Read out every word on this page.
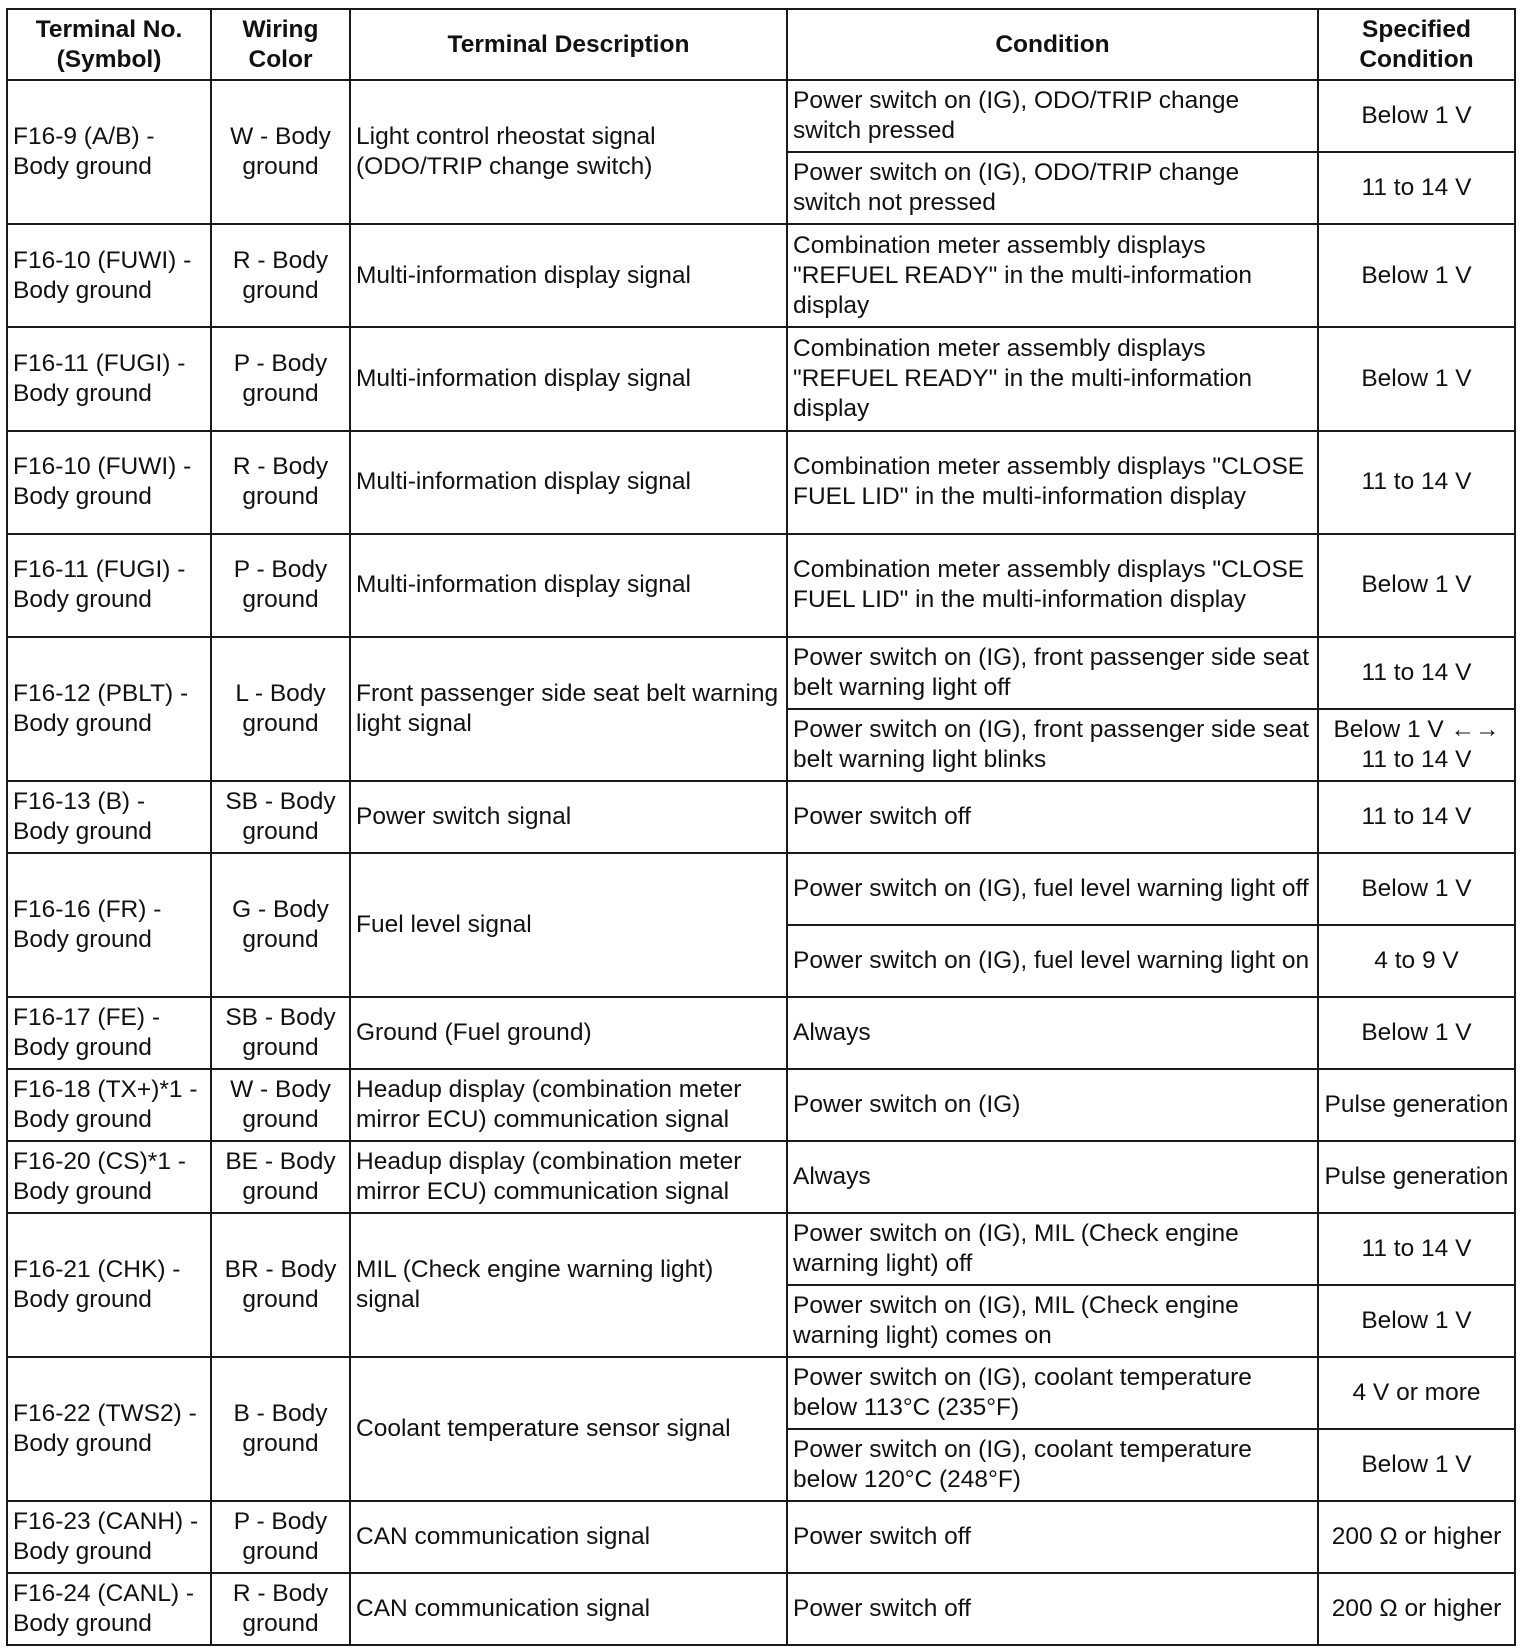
Terminal No. (Symbol)	Wiring Color	Terminal Description	Condition	Specified Condition
F16-9 (A/B) - Body ground	W - Body ground	Light control rheostat signal (ODO/TRIP change switch)	Power switch on (IG), ODO/TRIP change switch pressed	Below 1 V
			Power switch on (IG), ODO/TRIP change switch not pressed	11 to 14 V
F16-10 (FUWI) - Body ground	R - Body ground	Multi-information display signal	Combination meter assembly displays "REFUEL READY" in the multi-information display	Below 1 V
F16-11 (FUGI) - Body ground	P - Body ground	Multi-information display signal	Combination meter assembly displays "REFUEL READY" in the multi-information display	Below 1 V
F16-10 (FUWI) - Body ground	R - Body ground	Multi-information display signal	Combination meter assembly displays "CLOSE FUEL LID" in the multi-information display	11 to 14 V
F16-11 (FUGI) - Body ground	P - Body ground	Multi-information display signal	Combination meter assembly displays "CLOSE FUEL LID" in the multi-information display	Below 1 V
F16-12 (PBLT) - Body ground	L - Body ground	Front passenger side seat belt warning light signal	Power switch on (IG), front passenger side seat belt warning light off	11 to 14 V
			Power switch on (IG), front passenger side seat belt warning light blinks	Below 1 V ←→ 11 to 14 V
F16-13 (B) - Body ground	SB - Body ground	Power switch signal	Power switch off	11 to 14 V
F16-16 (FR) - Body ground	G - Body ground	Fuel level signal	Power switch on (IG), fuel level warning light off	Below 1 V
			Power switch on (IG), fuel level warning light on	4 to 9 V
F16-17 (FE) - Body ground	SB - Body ground	Ground (Fuel ground)	Always	Below 1 V
F16-18 (TX+)*1 - Body ground	W - Body ground	Headup display (combination meter mirror ECU) communication signal	Power switch on (IG)	Pulse generation
F16-20 (CS)*1 - Body ground	BE - Body ground	Headup display (combination meter mirror ECU) communication signal	Always	Pulse generation
F16-21 (CHK) - Body ground	BR - Body ground	MIL (Check engine warning light) signal	Power switch on (IG), MIL (Check engine warning light) off	11 to 14 V
			Power switch on (IG), MIL (Check engine warning light) comes on	Below 1 V
F16-22 (TWS2) - Body ground	B - Body ground	Coolant temperature sensor signal	Power switch on (IG), coolant temperature below 113°C (235°F)	4 V or more
			Power switch on (IG), coolant temperature below 120°C (248°F)	Below 1 V
F16-23 (CANH) - Body ground	P - Body ground	CAN communication signal	Power switch off	200 Ω or higher
F16-24 (CANL) - Body ground	R - Body ground	CAN communication signal	Power switch off	200 Ω or higher
